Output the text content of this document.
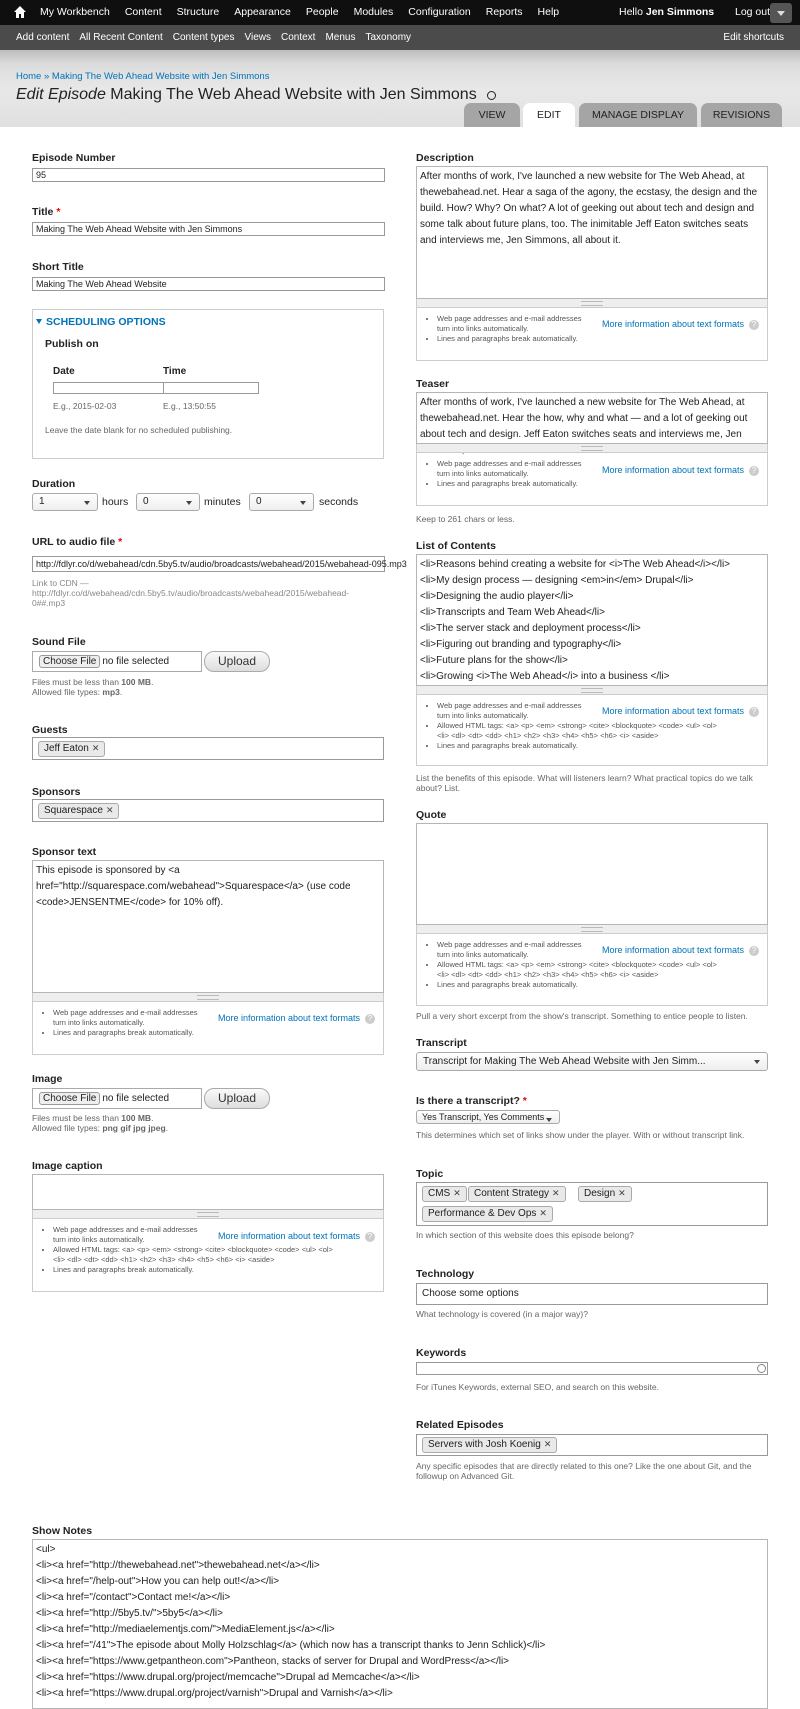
My Workbench Content Structure Appearance People Modules Configuration Reports Help	Hello Jen Simmons Log out
Add content All Recent Content Content types Views Context Menus Taxonomy	Edit shortcuts
Home » Making The Web Ahead Website with Jen Simmons
Edit Episode Making The Web Ahead Website with Jen Simmons
VIEW	EDIT	MANAGE DISPLAY	REVISIONS
Episode Number
95
Title *
Making The Web Ahead Website with Jen Simmons
Short Title
Making The Web Ahead Website
SCHEDULING OPTIONS
Publish on
Date	Time
E.g., 2015-02-03	E.g., 13:50:55
Leave the date blank for no scheduled publishing.
Duration
1	hours	0	minutes	0	seconds
URL to audio file *
http://fdlyr.co/d/webahead/cdn.5by5.tv/audio/broadcasts/webahead/2015/webahead-095.mp3
Link to CDN —
http://fdlyr.co/d/webahead/cdn.5by5.tv/audio/broadcasts/webahead/2015/webahead-
0##.mp3
Sound File
Choose File no file selected	Upload
Files must be less than 100 MB.
Allowed file types: mp3.
Guests
Jeff Eaton ✕
Sponsors
Squarespace ✕
Sponsor text
This episode is sponsored by <a href="http://squarespace.com/webahead">Squarespace</a> (use code <code>JENSENTME</code> for 10% off).
• Web page addresses and e-mail addresses
turn into links automatically.
• Lines and paragraphs break automatically.
More information about text formats ?
Image
Choose File no file selected	Upload
Files must be less than 100 MB.
Allowed file types: png gif jpg jpeg.
Image caption
• Web page addresses and e-mail addresses
turn into links automatically.
• Allowed HTML tags: <a> <p> <em> <strong> <cite> <blockquote> <code> <ul> <ol>
<li> <dl> <dt> <dd> <h1> <h2> <h3> <h4> <h5> <h6> <i> <aside>
• Lines and paragraphs break automatically.
More information about text formats ?
Description
After months of work, I've launched a new website for The Web Ahead, at thewebahead.net. Hear a saga of the agony, the ecstasy, the design and the build. How? Why? On what? A lot of geeking out about tech and design and some talk about future plans, too. The inimitable Jeff Eaton switches seats and interviews me, Jen Simmons, all about it.
• Web page addresses and e-mail addresses
turn into links automatically.
• Lines and paragraphs break automatically.
More information about text formats ?
Teaser
After months of work, I've launched a new website for The Web Ahead, at thewebahead.net. Hear the how, why and what — and a lot of geeking out about tech and design. Jeff Eaton switches seats and interviews me, Jen
• Web page addresses and e-mail addresses
turn into links automatically.
• Lines and paragraphs break automatically.
More information about text formats ?
Keep to 261 chars or less.
List of Contents
<li>Reasons behind creating a website for <i>The Web Ahead</i></li>
<li>My design process — designing <em>in</em> Drupal</li>
<li>Designing the audio player</li>
<li>Transcripts and Team Web Ahead</li>
<li>The server stack and deployment process</li>
<li>Figuring out branding and typography</li>
<li>Future plans for the show</li>
<li>Growing <i>The Web Ahead</i> into a business </li>
• Web page addresses and e-mail addresses
turn into links automatically.
• Allowed HTML tags: <a> <p> <em> <strong> <cite> <blockquote> <code> <ul> <ol>
<li> <dl> <dt> <dd> <h1> <h2> <h3> <h4> <h5> <h6> <i> <aside>
• Lines and paragraphs break automatically.
More information about text formats ?
List the benefits of this episode. What will listeners learn? What practical topics do we talk
about? List.
Quote
• Web page addresses and e-mail addresses
turn into links automatically.
• Allowed HTML tags: <a> <p> <em> <strong> <cite> <blockquote> <code> <ul> <ol>
<li> <dl> <dt> <dd> <h1> <h2> <h3> <h4> <h5> <h6> <i> <aside>
• Lines and paragraphs break automatically.
More information about text formats ?
Pull a very short excerpt from the show's transcript. Something to entice people to listen.
Transcript
Transcript for Making The Web Ahead Website with Jen Simm...
Is there a transcript? *
Yes Transcript, Yes Comments
This determines which set of links show under the player. With or without transcript link.
Topic
CMS ✕	Content Strategy ✕	Design ✕
Performance & Dev Ops ✕
In which section of this website does this episode belong?
Technology
Choose some options
What technology is covered (in a major way)?
Keywords
For iTunes Keywords, external SEO, and search on this website.
Related Episodes
Servers with Josh Koenig ✕
Any specific episodes that are directly related to this one? Like the one about Git, and the
followup on Advanced Git.
Show Notes
<ul>
<li><a href="http://thewebahead.net">thewebahead.net</a></li>
<li><a href="/help-out">How you can help out!</a></li>
<li><a href="/contact">Contact me!</a></li>
<li><a href="http://5by5.tv/">5by5</a></li>
<li><a href="http://mediaelementjs.com/">MediaElement.js</a></li>
<li><a href="/41">The episode about Molly Holzschlag</a> (which now has a transcript thanks to Jenn Schlick)</li>
<li><a href="https://www.getpantheon.com">Pantheon, stacks of server for Drupal and WordPress</a></li>
<li><a href="https://www.drupal.org/project/memcache">Drupal ad Memcache</a></li>
<li><a href="https://www.drupal.org/project/varnish">Drupal and Varnish</a></li>
